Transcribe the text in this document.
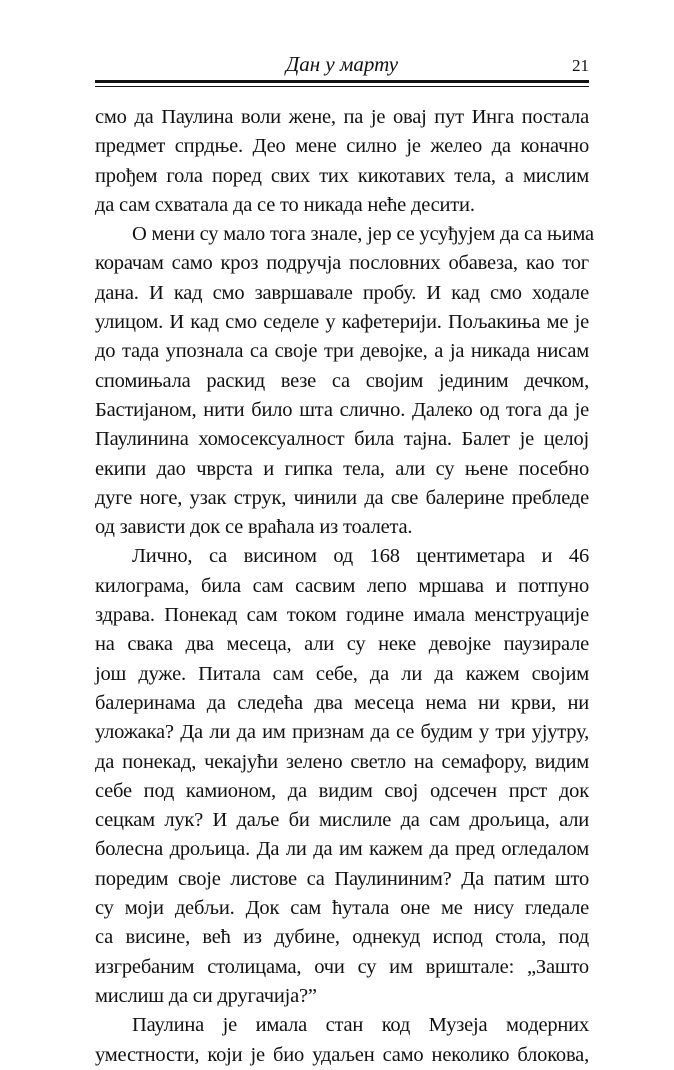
Дан у марту	21
смо да Паулина воли жене, па је овај пут Инга постала
предмет спрдње. Део мене силно је желео да коначно
прођем гола поред свих тих кикотавих тела, а мислим
да сам схватала да се то никада неће десити.
О мени су мало тога знале, јер се усуђујем да са њима
корачам само кроз подручја пословних обавеза, као тог
дана. И кад смо завршавале пробу. И кад смо ходале
улицом. И кад смо седеле у кафетерији. Пољакиња ме је
до тада упознала са своје три девојке, а ја никада нисам
спомињала раскид везе са својим јединим дечком,
Бастијаном, нити било шта слично. Далеко од тога да је
Паулинина хомосексуалност била тајна. Балет је целој
екипи дао чврста и гипка тела, али су њене посебно
дуге ноге, узак струк, чинили да све балерине пребледе
од зависти док се враћала из тоалета.
Лично, са висином од 168 центиметара и 46
килограма, била сам сасвим лепо мршава и потпуно
здрава. Понекад сам током године имала менструације
на свака два месеца, али су неке девојке паузирале
још дуже. Питала сам себе, да ли да кажем својим
балеринама да следећа два месеца нема ни крви, ни
уложака? Да ли да им признам да се будим у три ујутру,
да понекад, чекајући зелено светло на семафору, видим
себе под камионом, да видим свој одсечен прст док
сецкам лук? И даље би мислиле да сам дрољица, али
болесна дрољица. Да ли да им кажем да пред огледалом
поредим своје листове са Паулининим? Да патим што
су моји дебљи. Док сам ћутала оне ме нису гледале
са висине, већ из дубине, однекуд испод стола, под
изгребаним столицама, очи су им вриштале: „Зашто
мислиш да си другачија?”
Паулина је имала стан код Музеја модерних
уместности, који је био удаљен само неколико блокова,
